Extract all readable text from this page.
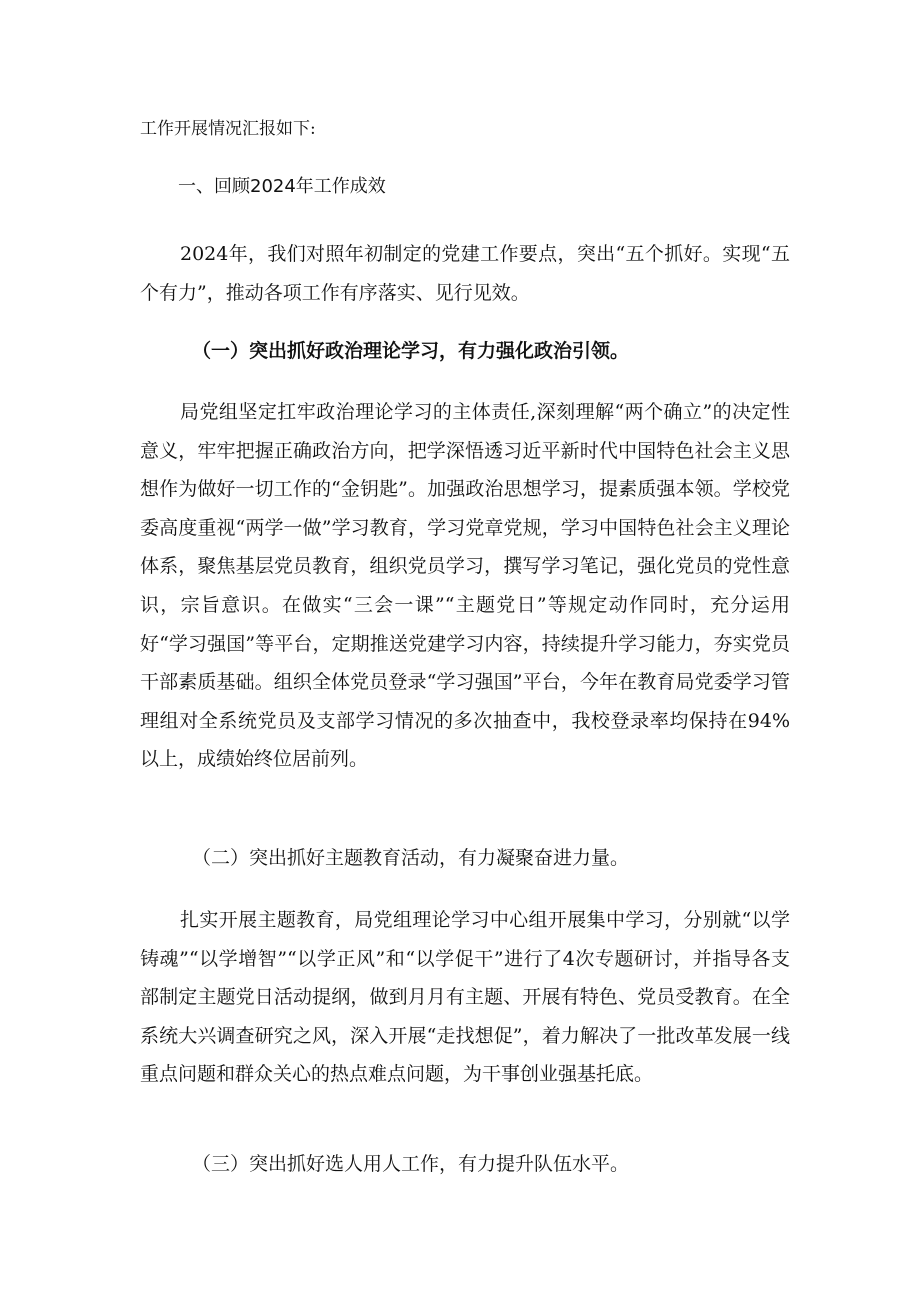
工作开展情况汇报如下:
一、回顾2024年工作成效

2024年，我们对照年初制定的党建工作要点，突出“五个抓好。实现“五个有力”，推动各项工作有序落实、见行见效。

（一）突出抓好政治理论学习，有力强化政治引领。

局党组坚定扛牢政治理论学习的主体责任,深刻理解“两个确立”的决定性意义，牢牢把握正确政治方向，把学深悟透习近平新时代中国特色社会主义思想作为做好一切工作的“金钥匙”。加强政治思想学习，提素质强本领。学校党委高度重视“两学一做”学习教育，学习党章党规，学习中国特色社会主义理论体系，聚焦基层党员教育，组织党员学习，撰写学习笔记，强化党员的党性意识，宗旨意识。在做实“三会一课”“主题党日”等规定动作同时，充分运用好“学习强国”等平台，定期推送党建学习内容，持续提升学习能力，夯实党员干部素质基础。组织全体党员登录“学习强国”平台，今年在教育局党委学习管理组对全系统党员及支部学习情况的多次抽查中，我校登录率均保持在94%以上，成绩始终位居前列。

（二）突出抓好主题教育活动，有力凝聚奋进力量。

扎实开展主题教育，局党组理论学习中心组开展集中学习，分别就“以学铸魂”“以学增智”“以学正风”和“以学促干”进行了4次专题研讨，并指导各支部制定主题党日活动提纲，做到月月有主题、开展有特色、党员受教育。在全系统大兴调查研究之风，深入开展“走找想促”，着力解决了一批改革发展一线重点问题和群众关心的热点难点问题，为干事创业强基托底。

（三）突出抓好选人用人工作，有力提升队伍水平。
